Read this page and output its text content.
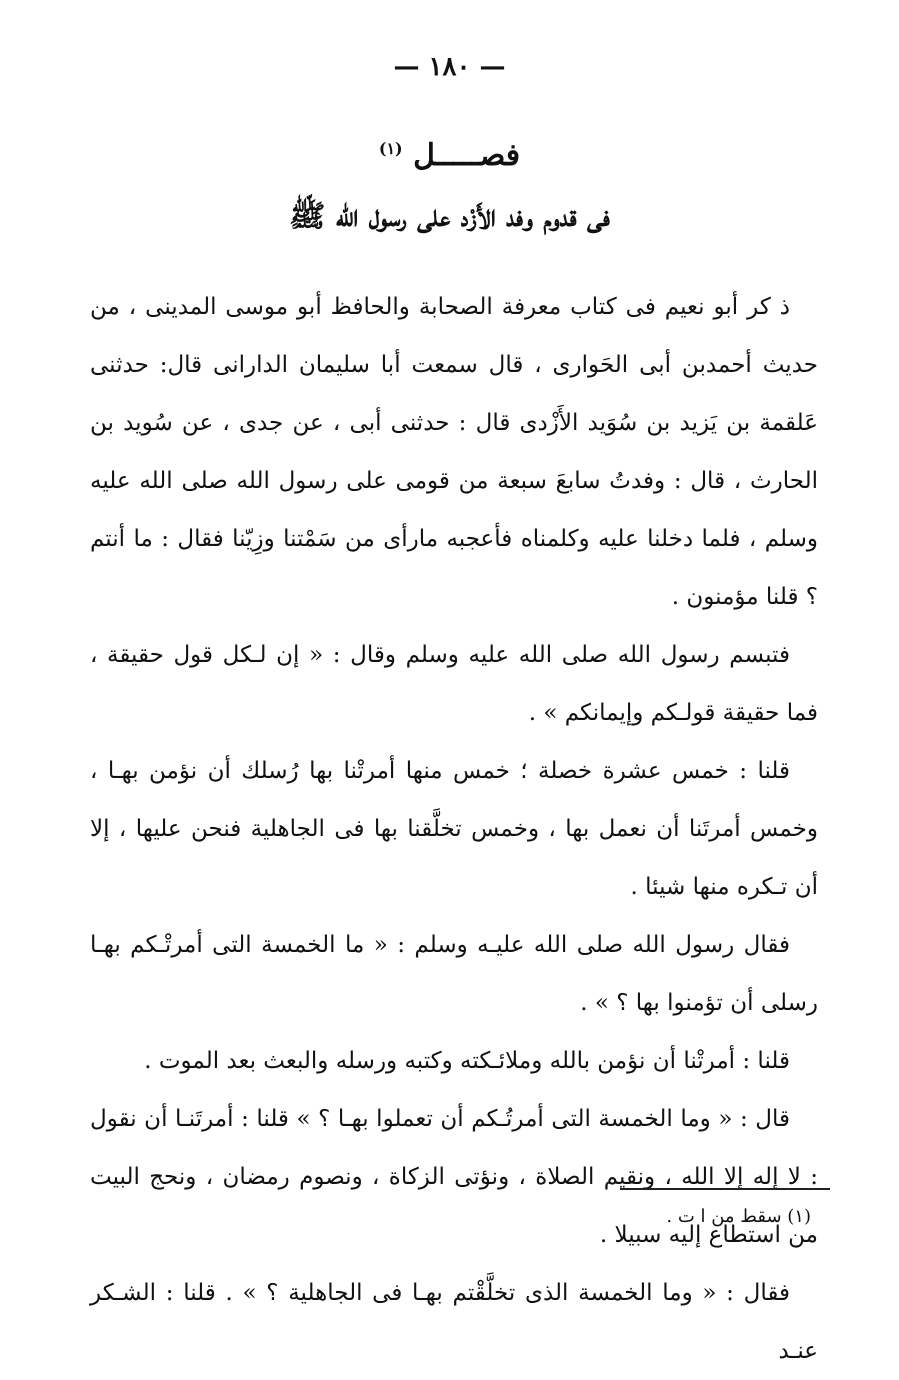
— ١٨٠ —
فصـــــل $^{(١)}$
فى قدوم وفد الأَزْد على رسول الله ﷺ

ذ كر أبو نعيم فى كتاب معرفة الصحابة والحافظ أبو موسى المدينى ، من حديث أحمدبن أبى الحَوارى ، قال سمعت أبا سليمان الدارانى قال: حدثنى عَلقمة بن يَزيد بن سُوَيد الأَزْدى قال : حدثنى أبى ، عن جدى ، عن سُويد بن الحارث ، قال : وفدتُ سابعَ سبعة من قومى على رسول الله صلى الله عليه وسلم ، فلما دخلنا عليه وكلمناه فأعجبه مارأى من سَمْتنا وزِيّنا فقال : ما أنتم ؟ قلنا مؤمنون .

فتبسم رسول الله صلى الله عليه وسلم وقال : « إن لـكل قول حقيقة ، فما حقيقة قولـكم وإيمانكم » .

قلنا : خمس عشرة خصلة ؛ خمس منها أمرتْنا بها رُسلك أن نؤمن بهـا ، وخمس أمرتَنا أن نعمل بها ، وخمس تخلَّقنا بها فى الجاهلية فنحن عليها ، إلا أن تـكره منها شيئا .

فقال رسول الله صلى الله عليـه وسلم : « ما الخمسة التى أمرتْـكم بهـا رسلى أن تؤمنوا بها ؟ » .

قلنا : أمرتْنا أن نؤمن بالله وملائـكته وكتبه ورسله والبعث بعد الموت .

قال : « وما الخمسة التى أمرتُـكم أن تعملوا بهـا ؟ » قلنا : أمرتَنـا أن نقول : لا إله إلا الله ، ونقيم الصلاة ، ونؤتى الزكاة ، ونصوم رمضان ، ونحج البيت من استطاع إليه سبيلا .

فقال : « وما الخمسة الذى تخلَّقْتم بهـا فى الجاهلية ؟ » . قلنا : الشـكر عنـد

(١) سقط من ا ت .
